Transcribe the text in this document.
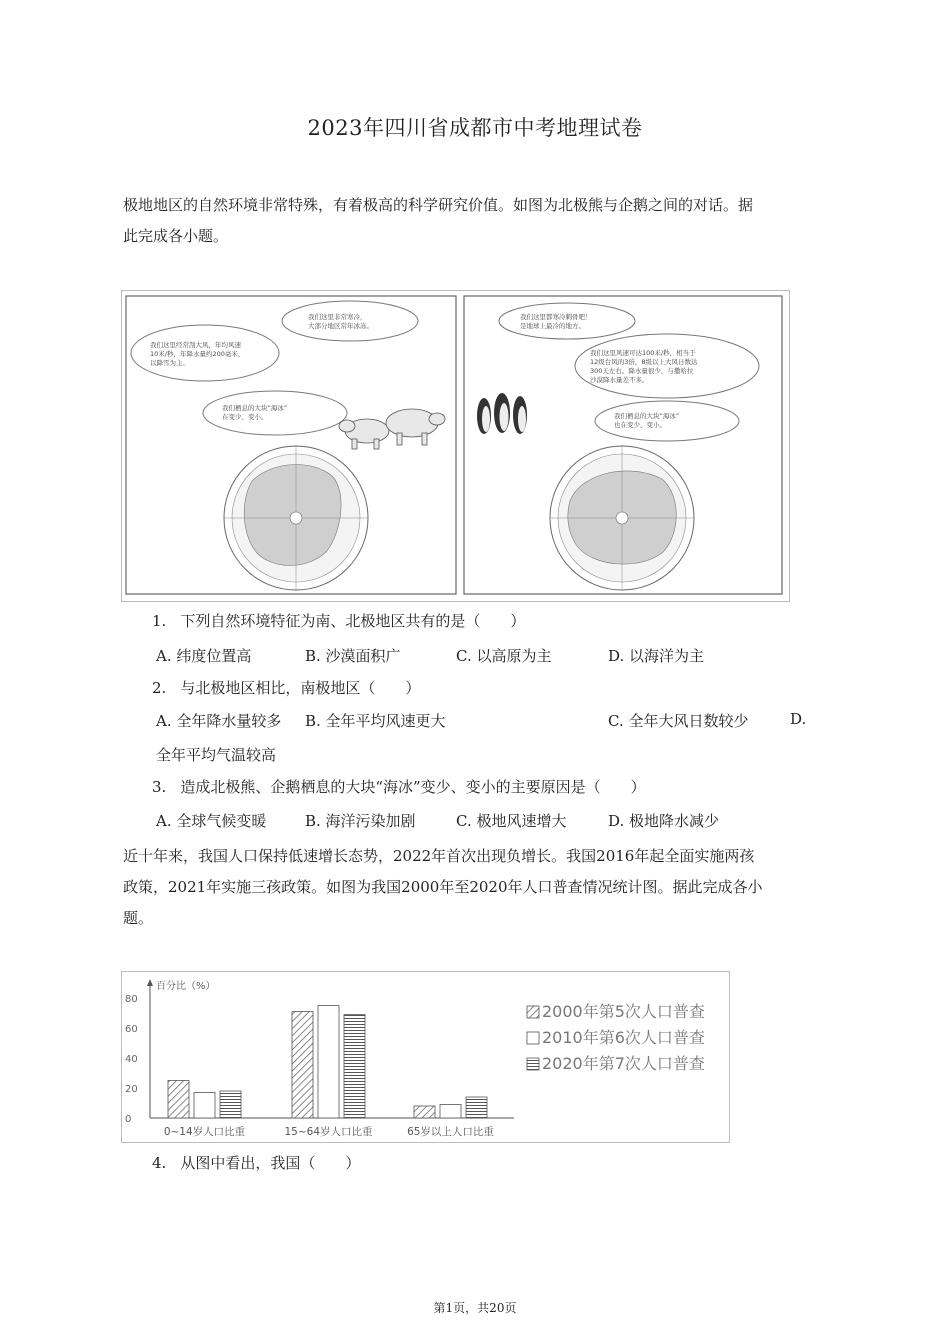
2023年四川省成都市中考地理试卷
极地地区的自然环境非常特殊，有着极高的科学研究价值。如图为北极熊与企鹅之间的对话。据
此完成各小题。
我们这里非常寒冷，
大部分地区常年冰冻。
我们这里经常刮大风，年均风速
10米/秒，年降水量约200毫米，
以降雪为主。
我们栖息的大块“海冰”
在变少、变小。
我们这里都寒冷刺骨吧！
是地球上最冷的地方。
我们这里风速可达100米/秒，相当于
12级台风的3倍，8级以上大风日数达
300天左右。降水量很少，与撒哈拉
沙漠降水量差不多。
我们栖息的大块“海冰”
也在变少、变小。
1. 下列自然环境特征为南、北极地区共有的是（　　）
A. 纬度位置高	B. 沙漠面积广	C. 以高原为主	D. 以海洋为主
2. 与北极地区相比，南极地区（　　）
A. 全年降水量较多 B. 全年平均风速更大	C. 全年大风日数较少	D.
全年平均气温较高
3. 造成北极熊、企鹅栖息的大块“海冰”变少、变小的主要原因是（　　）
A. 全球气候变暖	B. 海洋污染加剧	C. 极地风速增大	D. 极地降水减少
近十年来，我国人口保持低速增长态势，2022年首次出现负增长。我国2016年起全面实施两孩
政策，2021年实施三孩政策。如图为我国2000年至2020年人口普查情况统计图。据此完成各小
题。
百分比（%）
0
20
40
60
80
0~14岁人口比重	15~64岁人口比重	65岁以上人口比重
2000年第5次人口普查
2010年第6次人口普查
2020年第7次人口普查
4. 从图中看出，我国（　　）
第1页，共20页
